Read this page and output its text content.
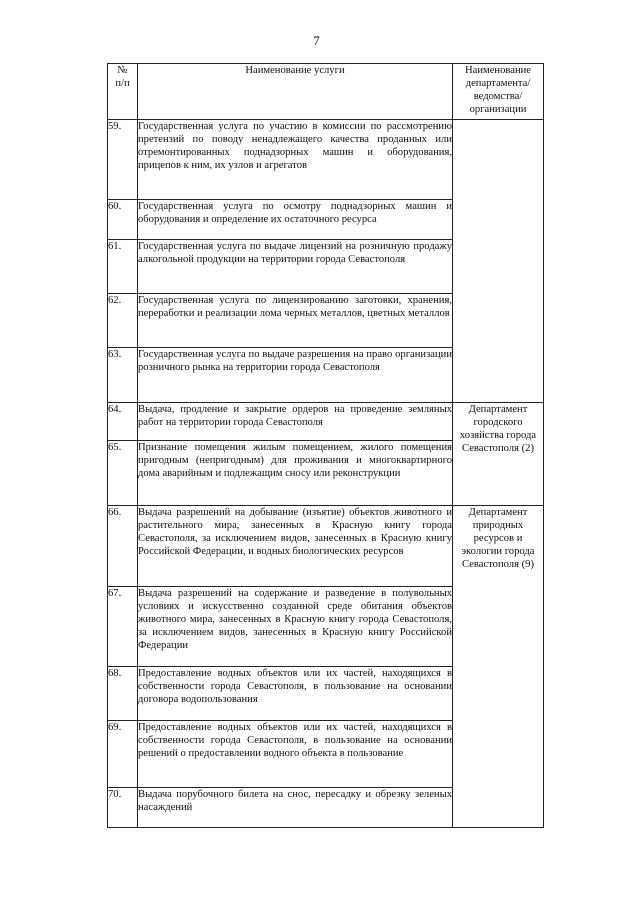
7
№
п/п	Наименование услуги	Наименование
департамента/ведомства/
организации

59.	Государственная услуга по участию в комиссии по рассмотрению претензий по поводу ненадлежащего качества проданных или отремонтированных поднадзорных машин и оборудования, прицепов к ним, их узлов и агрегатов	
60.	Государственная услуга по осмотру поднадзорных машин и оборудования и определение их остаточного ресурса	
61.	Государственная услуга по выдаче лицензий на розничную продажу алкогольной продукции на территории города Севастополя	
62.	Государственная услуга по лицензированию заготовки, хранения, переработки и реализации лома черных металлов, цветных металлов	
63.	Государственная услуга по выдаче разрешения на право организации розничного рынка на территории города Севастополя	
64.	Выдача, продление и закрытие ордеров на проведение земляных работ на территории города Севастополя	Департамент городского хозяйства города Севастополя (2)
65.	Признание помещения жилым помещением, жилого помещения пригодным (непригодным) для проживания и многоквартирного дома аварийным и подлежащим сносу или реконструкции	
66.	Выдача разрешений на добывание (изъятие) объектов животного и растительного мира, занесенных в Красную книгу города Севастополя, за исключением видов, занесенных в Красную книгу Российской Федерации, и водных биологических ресурсов	Департамент природных ресурсов и экологии города Севастополя (9)
67.	Выдача разрешений на содержание и разведение в полувольных условиях и искусственно созданной среде обитания объектов животного мира, занесенных в Красную книгу города Севастополя, за исключением видов, занесенных в Красную книгу Российской Федерации	
68.	Предоставление водных объектов или их частей, находящихся в собственности города Севастополя, в пользование на основании договора водопользования	
69.	Предоставление водных объектов или их частей, находящихся в собственности города Севастополя, в пользование на основании решений о предоставлении водного объекта в пользование	
70.	Выдача порубочного билета на снос, пересадку и обрезку зеленых насаждений	
